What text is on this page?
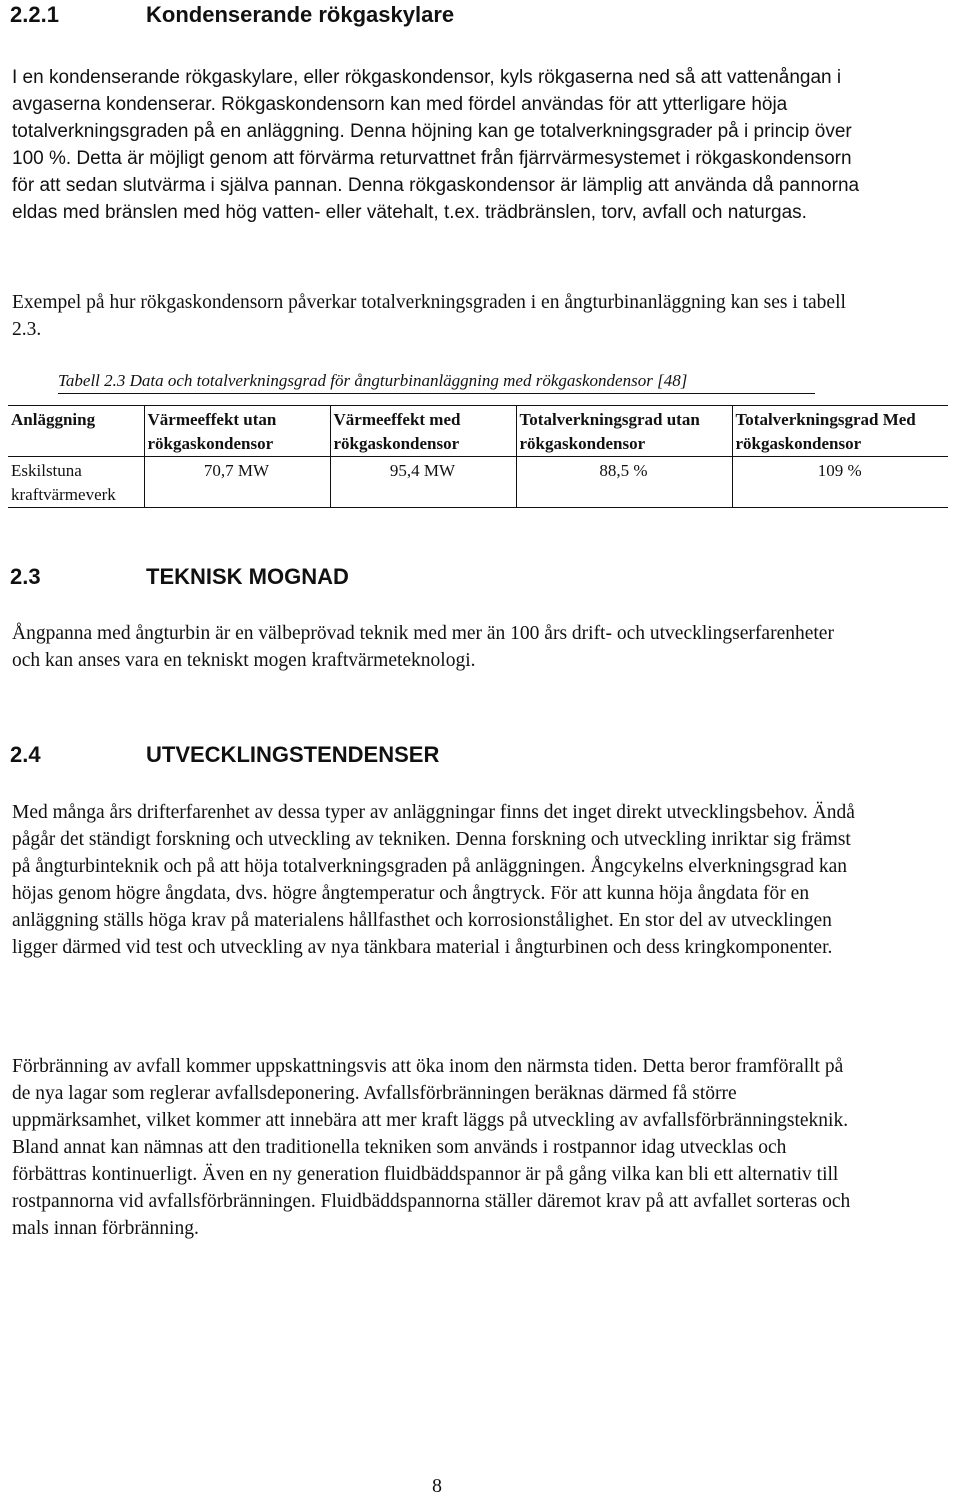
2.2.1	Kondenserande rökgaskylare

I en kondenserande rökgaskylare, eller rökgaskondensor, kyls rökgaserna ned så att vattenångan i avgaserna kondenserar. Rökgaskondensorn kan med fördel användas för att ytterligare höja totalverkningsgraden på en anläggning. Denna höjning kan ge totalverkningsgrader på i princip över 100 %. Detta är möjligt genom att förvärma returvattnet från fjärrvärmesystemet i rökgaskondensorn för att sedan slutvärma i själva pannan. Denna rökgaskondensor är lämplig att använda då pannorna eldas med bränslen med hög vatten- eller vätehalt, t.ex. trädbränslen, torv, avfall och naturgas.

Exempel på hur rökgaskondensorn påverkar totalverkningsgraden i en ångturbinanläggning kan ses i tabell 2.3.

Tabell 2.3 Data och totalverkningsgrad för ångturbinanläggning med rökgaskondensor [48]

Anläggning	Värmeeffekt utan rökgaskondensor	Värmeeffekt med rökgaskondensor	Totalverkningsgrad utan rökgaskondensor	Totalverkningsgrad Med rökgaskondensor
Eskilstuna kraftvärmeverk	70,7 MW	95,4 MW	88,5 %	109 %
2.3	TEKNISK MOGNAD

Ångpanna med ångturbin är en välbeprövad teknik med mer än 100 års drift- och utvecklingserfarenheter och kan anses vara en tekniskt mogen kraftvärmeteknologi.

2.4	UTVECKLINGSTENDENSER

Med många års drifterfarenhet av dessa typer av anläggningar finns det inget direkt utvecklingsbehov. Ändå pågår det ständigt forskning och utveckling av tekniken. Denna forskning och utveckling inriktar sig främst på ångturbinteknik och på att höja totalverkningsgraden på anläggningen. Ångcykelns elverkningsgrad kan höjas genom högre ångdata, dvs. högre ångtemperatur och ångtryck. För att kunna höja ångdata för en anläggning ställs höga krav på materialens hållfasthet och korrosionstålighet. En stor del av utvecklingen ligger därmed vid test och utveckling av nya tänkbara material i ångturbinen och dess kringkomponenter.

Förbränning av avfall kommer uppskattningsvis att öka inom den närmsta tiden. Detta beror framförallt på de nya lagar som reglerar avfallsdeponering. Avfallsförbränningen beräknas därmed få större uppmärksamhet, vilket kommer att innebära att mer kraft läggs på utveckling av avfallsförbränningsteknik. Bland annat kan nämnas att den traditionella tekniken som används i rostpannor idag utvecklas och förbättras kontinuerligt. Även en ny generation fluidbäddspannor är på gång vilka kan bli ett alternativ till rostpannorna vid avfallsförbränningen. Fluidbäddspannorna ställer däremot krav på att avfallet sorteras och mals innan förbränning.

8
